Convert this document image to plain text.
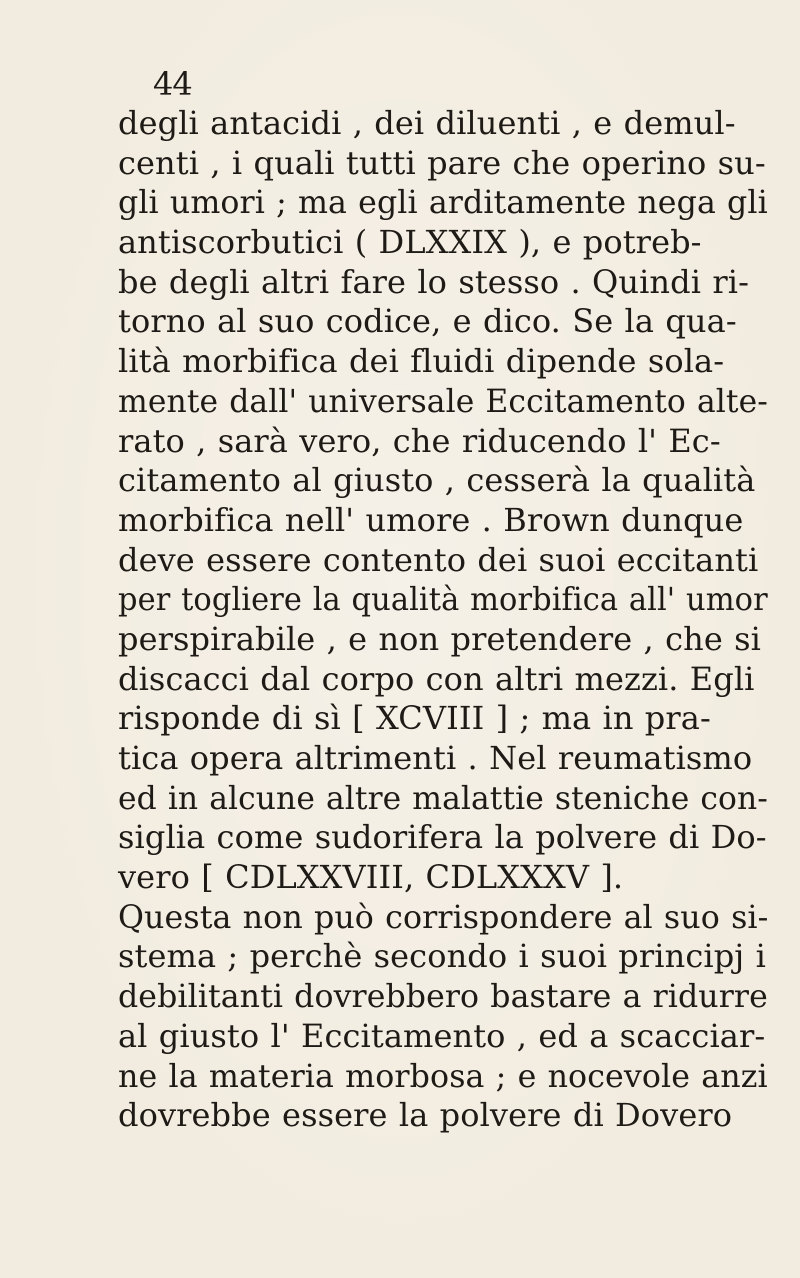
44
degli antacidi , dei diluenti , e demul-
centi , i quali tutti pare che operino su-
gli umori ; ma egli arditamente nega gli
antiscorbutici ( DLXXIX ), e potreb-
be degli altri fare lo stesso . Quindi ri-
torno al suo codice, e dico. Se la qua-
lità morbifica dei fluidi dipende sola-
mente dall' universale Eccitamento alte-
rato , sarà vero, che riducendo l' Ec-
citamento al giusto , cesserà la qualità
morbifica nell' umore . Brown dunque
deve essere contento dei suoi eccitanti
per togliere la qualità morbifica all' umor
perspirabile , e non pretendere , che si
discacci dal corpo con altri mezzi. Egli
risponde di sì [ XCVIII ] ; ma in pra-
tica opera altrimenti . Nel reumatismo
ed in alcune altre malattie steniche con-
siglia come sudorifera la polvere di Do-
vero [ CDLXXVIII, CDLXXXV ].
Questa non può corrispondere al suo si-
stema ; perchè secondo i suoi principj i
debilitanti dovrebbero bastare a ridurre
al giusto l' Eccitamento , ed a scacciar-
ne la materia morbosa ; e nocevole anzi
dovrebbe essere la polvere di Dovero
